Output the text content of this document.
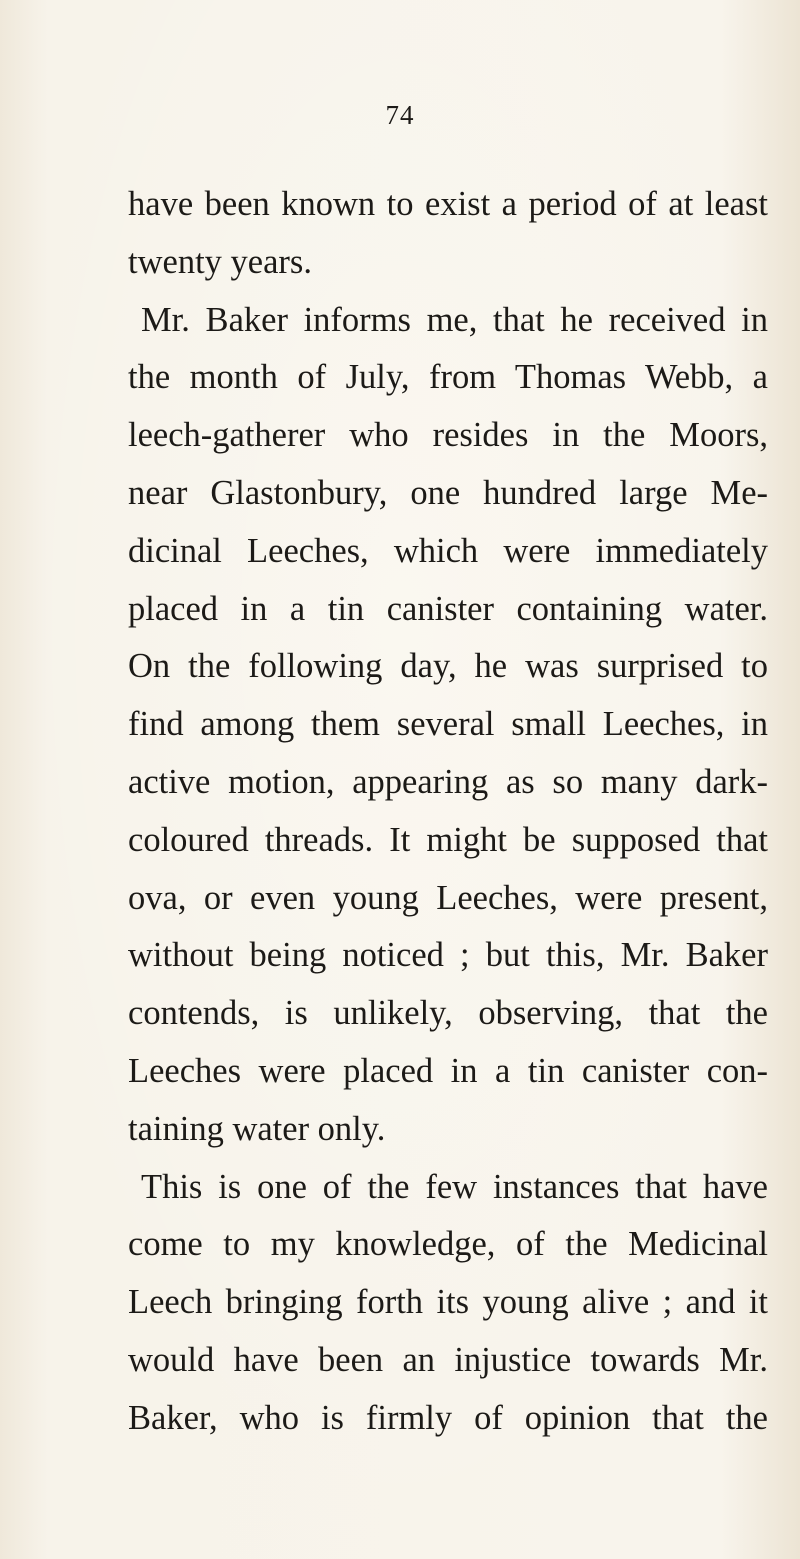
74
have been known to exist a period of at least
twenty years.
Mr. Baker informs me, that he received in
the month of July, from Thomas Webb, a
leech-gatherer who resides in the Moors,
near Glastonbury, one hundred large Me-
dicinal Leeches, which were immediately
placed in a tin canister containing water.
On the following day, he was surprised to
find among them several small Leeches, in
active motion, appearing as so many dark-
coloured threads. It might be supposed that
ova, or even young Leeches, were present,
without being noticed ; but this, Mr. Baker
contends, is unlikely, observing, that the
Leeches were placed in a tin canister con-
taining water only.
This is one of the few instances that have
come to my knowledge, of the Medicinal
Leech bringing forth its young alive ; and it
would have been an injustice towards Mr.
Baker, who is firmly of opinion that the
